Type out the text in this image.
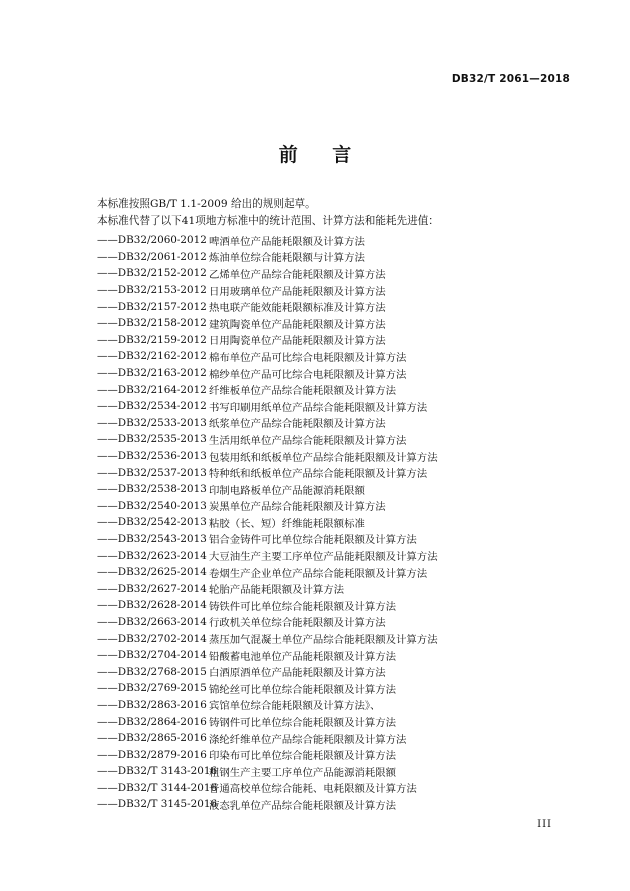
DB32/T 2061—2018
前 言
本标准按照GB/T 1.1-2009 给出的规则起草。
本标准代替了以下41项地方标准中的统计范围、计算方法和能耗先进值：
——DB32/2060-2012 啤酒单位产品能耗限额及计算方法
——DB32/2061-2012 炼油单位综合能耗限额与计算方法
——DB32/2152-2012 乙烯单位产品综合能耗限额及计算方法
——DB32/2153-2012 日用玻璃单位产品能耗限额及计算方法
——DB32/2157-2012 热电联产能效能耗限额标准及计算方法
——DB32/2158-2012 建筑陶瓷单位产品能耗限额及计算方法
——DB32/2159-2012 日用陶瓷单位产品能耗限额及计算方法
——DB32/2162-2012 棉布单位产品可比综合电耗限额及计算方法
——DB32/2163-2012 棉纱单位产品可比综合电耗限额及计算方法
——DB32/2164-2012 纤维板单位产品综合能耗限额及计算方法
——DB32/2534-2012 书写印刷用纸单位产品综合能耗限额及计算方法
——DB32/2533-2013 纸浆单位产品综合能耗限额及计算方法
——DB32/2535-2013 生活用纸单位产品综合能耗限额及计算方法
——DB32/2536-2013 包装用纸和纸板单位产品综合能耗限额及计算方法
——DB32/2537-2013 特种纸和纸板单位产品综合能耗限额及计算方法
——DB32/2538-2013 印制电路板单位产品能源消耗限额
——DB32/2540-2013 炭黑单位产品综合能耗限额及计算方法
——DB32/2542-2013 粘胶（长、短）纤维能耗限额标准
——DB32/2543-2013 铝合金铸件可比单位综合能耗限额及计算方法
——DB32/2623-2014 大豆油生产主要工序单位产品能耗限额及计算方法
——DB32/2625-2014 卷烟生产企业单位产品综合能耗限额及计算方法
——DB32/2627-2014 轮胎产品能耗限额及计算方法
——DB32/2628-2014 铸铁件可比单位综合能耗限额及计算方法
——DB32/2663-2014 行政机关单位综合能耗限额及计算方法
——DB32/2702-2014 蒸压加气混凝土单位产品综合能耗限额及计算方法
——DB32/2704-2014 铅酸蓄电池单位产品能耗限额及计算方法
——DB32/2768-2015 白酒原酒单位产品能耗限额及计算方法
——DB32/2769-2015 锦纶丝可比单位综合能耗限额及计算方法
——DB32/2863-2016 宾馆单位综合能耗限额及计算方法》、
——DB32/2864-2016 铸钢件可比单位综合能耗限额及计算方法
——DB32/2865-2016 涤纶纤维单位产品综合能耗限额及计算方法
——DB32/2879-2016 印染布可比单位综合能耗限额及计算方法
——DB32/T 3143-2016
粗钢生产主要工序单位产品能源消耗限额
——DB32/T 3144-2016
普通高校单位综合能耗、电耗限额及计算方法
——DB32/T 3145-2016
液态乳单位产品综合能耗限额及计算方法
III
